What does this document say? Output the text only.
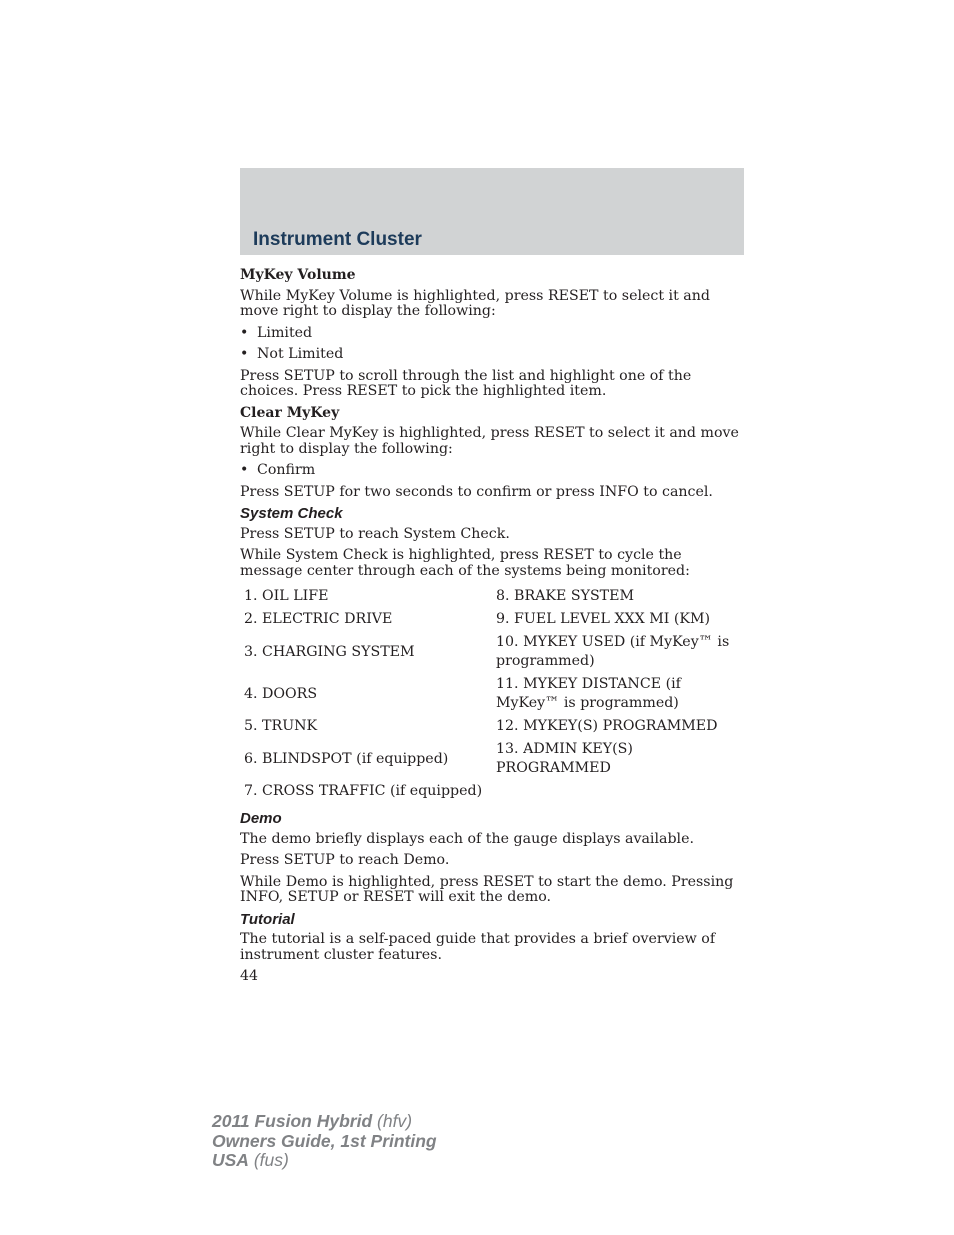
Instrument Cluster
MyKey Volume

While MyKey Volume is highlighted, press RESET to select it and move right to display the following:

• Limited
• Not Limited

Press SETUP to scroll through the list and highlight one of the choices. Press RESET to pick the highlighted item.

Clear MyKey

While Clear MyKey is highlighted, press RESET to select it and move right to display the following:

• Confirm

Press SETUP for two seconds to confirm or press INFO to cancel.

System Check

Press SETUP to reach System Check.

While System Check is highlighted, press RESET to cycle the message center through each of the systems being monitored:

1. OIL LIFE	8. BRAKE SYSTEM
2. ELECTRIC DRIVE	9. FUEL LEVEL XXX MI (KM)
3. CHARGING SYSTEM	10. MYKEY USED (if MyKey™ is programmed)
4. DOORS	11. MYKEY DISTANCE (if MyKey™ is programmed)
5. TRUNK	12. MYKEY(S) PROGRAMMED
6. BLINDSPOT (if equipped)	13. ADMIN KEY(S) PROGRAMMED
7. CROSS TRAFFIC (if equipped)	
Demo

The demo briefly displays each of the gauge displays available.

Press SETUP to reach Demo.

While Demo is highlighted, press RESET to start the demo. Pressing INFO, SETUP or RESET will exit the demo.

Tutorial

The tutorial is a self-paced guide that provides a brief overview of instrument cluster features.

44
2011 Fusion Hybrid (hfv)
Owners Guide, 1st Printing
USA (fus)
